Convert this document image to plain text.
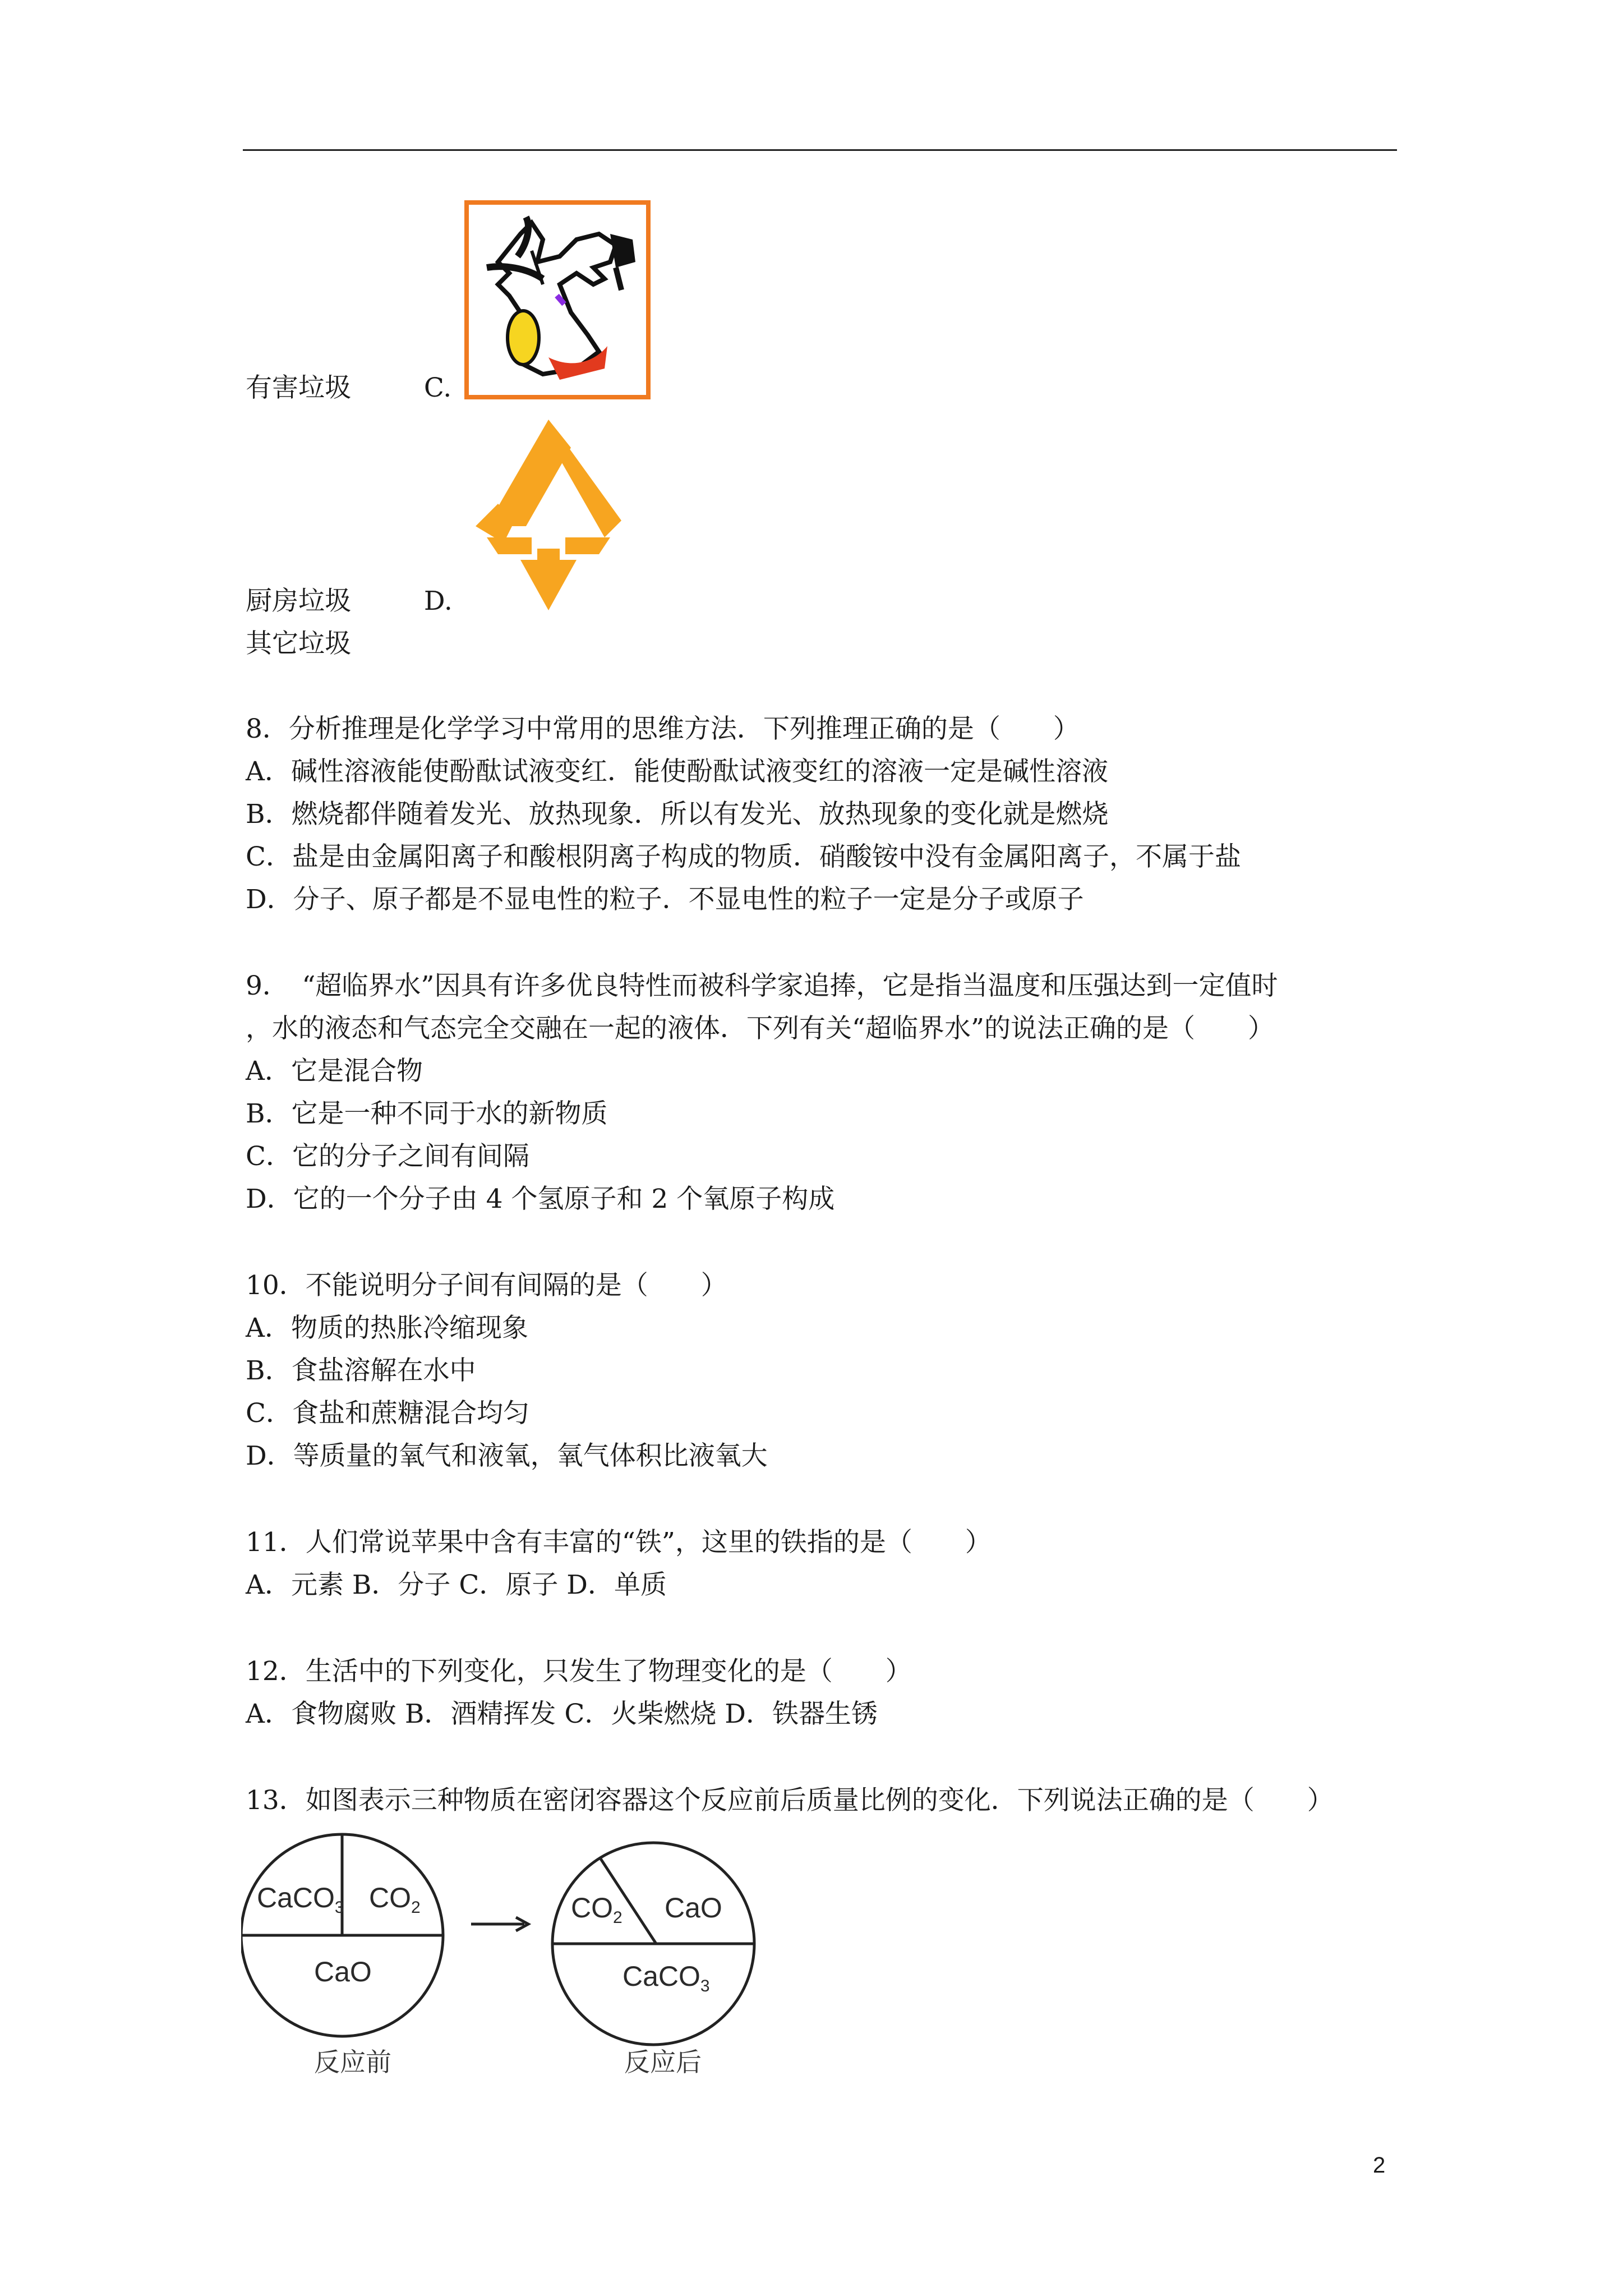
有害垃圾	C.
厨房垃圾	D.
其它垃圾
8．分析推理是化学学习中常用的思维方法．下列推理正确的是（　　）
A．碱性溶液能使酚酞试液变红．能使酚酞试液变红的溶液一定是碱性溶液
B．燃烧都伴随着发光、放热现象．所以有发光、放热现象的变化就是燃烧
C．盐是由金属阳离子和酸根阴离子构成的物质．硝酸铵中没有金属阳离子，不属于盐
D．分子、原子都是不显电性的粒子．不显电性的粒子一定是分子或原子
9．　“超临界水”因具有许多优良特性而被科学家追捧，它是指当温度和压强达到一定值时
，水的液态和气态完全交融在一起的液体．下列有关“超临界水”的说法正确的是（　　）
A．它是混合物
B．它是一种不同于水的新物质
C．它的分子之间有间隔
D．它的一个分子由 4 个氢原子和 2 个氧原子构成
10．不能说明分子间有间隔的是（　　）
A．物质的热胀冷缩现象
B．食盐溶解在水中
C．食盐和蔗糖混合均匀
D．等质量的氧气和液氧，氧气体积比液氧大
11．人们常说苹果中含有丰富的“铁”，这里的铁指的是（　　）
A．元素 B．分子 C．原子 D．单质
12．生活中的下列变化，只发生了物理变化的是（　　）
A．食物腐败 B．酒精挥发 C．火柴燃烧 D．铁器生锈
13．如图表示三种物质在密闭容器这个反应前后质量比例的变化．下列说法正确的是（　　）
CaCO$_3$ $CO_2$
CaO
$CO_2$ CaO
CaCO$_3$
反应前	反应后
2
